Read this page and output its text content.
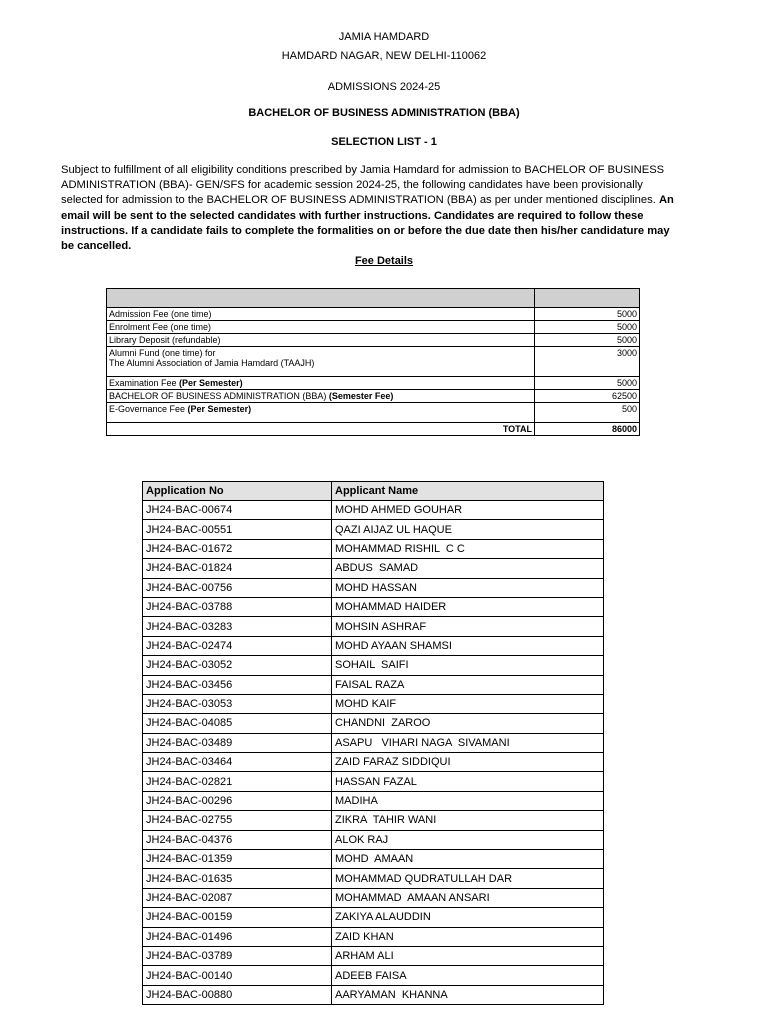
JAMIA HAMDARD
HAMDARD NAGAR, NEW DELHI-110062
ADMISSIONS 2024-25
BACHELOR OF BUSINESS ADMINISTRATION (BBA)
SELECTION LIST - 1
Subject to fulfillment of all eligibility conditions prescribed by Jamia Hamdard for admission to BACHELOR OF BUSINESS ADMINISTRATION (BBA)- GEN/SFS for academic session 2024-25, the following candidates have been provisionally selected for admission to the BACHELOR OF BUSINESS ADMINISTRATION (BBA) as per under mentioned disciplines. An email will be sent to the selected candidates with further instructions. Candidates are required to follow these instructions. If a candidate fails to complete the formalities on or before the due date then his/her candidature may be cancelled.
Fee Details

Admission Fee (one time)	5000
Enrolment Fee (one time)	5000
Library Deposit (refundable)	5000
Alumni Fund (one time) for
The Alumni Association of Jamia Hamdard (TAAJH)	3000
Examination Fee (Per Semester)	5000
BACHELOR OF BUSINESS ADMINISTRATION (BBA) (Semester Fee)	62500
E-Governance Fee (Per Semester)	500
TOTAL	86000
Application No	Applicant Name
JH24-BAC-00674	MOHD AHMED GOUHAR
JH24-BAC-00551	QAZI AIJAZ UL HAQUE
JH24-BAC-01672	MOHAMMAD RISHIL  C C
JH24-BAC-01824	ABDUS  SAMAD
JH24-BAC-00756	MOHD HASSAN
JH24-BAC-03788	MOHAMMAD HAIDER
JH24-BAC-03283	MOHSIN ASHRAF
JH24-BAC-02474	MOHD AYAAN SHAMSI
JH24-BAC-03052	SOHAIL  SAIFI
JH24-BAC-03456	FAISAL RAZA
JH24-BAC-03053	MOHD KAIF
JH24-BAC-04085	CHANDNI  ZAROO
JH24-BAC-03489	ASAPU   VIHARI NAGA  SIVAMANI
JH24-BAC-03464	ZAID FARAZ SIDDIQUI
JH24-BAC-02821	HASSAN FAZAL
JH24-BAC-00296	MADIHA
JH24-BAC-02755	ZIKRA  TAHIR WANI
JH24-BAC-04376	ALOK RAJ
JH24-BAC-01359	MOHD  AMAAN
JH24-BAC-01635	MOHAMMAD QUDRATULLAH DAR
JH24-BAC-02087	MOHAMMAD  AMAAN ANSARI
JH24-BAC-00159	ZAKIYA ALAUDDIN
JH24-BAC-01496	ZAID KHAN
JH24-BAC-03789	ARHAM ALI
JH24-BAC-00140	ADEEB FAISA
JH24-BAC-00880	AARYAMAN  KHANNA
